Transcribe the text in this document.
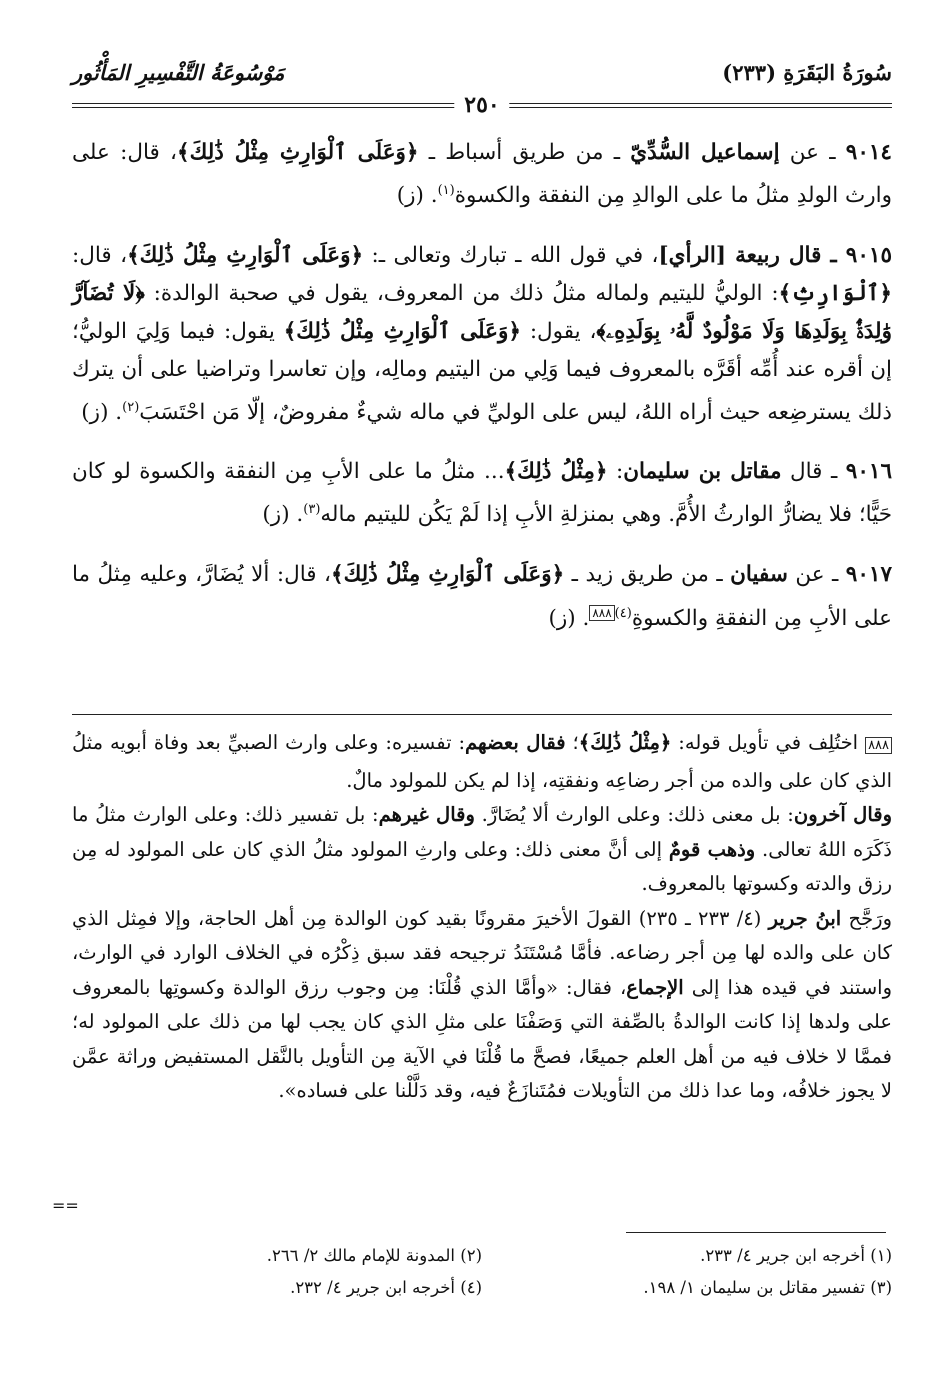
سُورَةُ البَقَرَةِ (٢٣٣)
مَوْسُوعَةُ التَّفْسِيرِ المَأْثُور
٢٥٠

٩٠١٤ ـ عن إسماعيل السُّدِّيّ ـ من طريق أسباط ـ ﴿وَعَلَى ٱلْوَارِثِ مِثْلُ ذَٰلِكَ﴾، قال: على وارث الولدِ مثلُ ما على الوالدِ مِن النفقة والكسوة$^{(١)}$. (ز)

٩٠١٥ ـ قال ربيعة [الرأي]، في قول الله ـ تبارك وتعالى ـ: ﴿وَعَلَى ٱلْوَارِثِ مِثْلُ ذَٰلِكَ﴾، قال: ﴿ٱلْوَارِثِ﴾: الوليُّ لليتيم ولماله مثلُ ذلك من المعروف، يقول في صحبة الوالدة: ﴿لَا تُضَآرَّ وَٰلِدَةٌۢ بِوَلَدِهَا وَلَا مَوْلُودٌ لَّهُۥ بِوَلَدِهِۦ﴾، يقول: ﴿وَعَلَى ٱلْوَارِثِ مِثْلُ ذَٰلِكَ﴾ يقول: فيما وَلِيَ الوليُّ؛ إن أقره عند أُمِّه أقَرَّه بالمعروف فيما وَلِي من اليتيم ومالِه، وإن تعاسرا وتراضيا على أن يترك ذلك يسترضِعه حيث أراه اللهُ، ليس على الوليِّ في ماله شيءٌ مفروضٌ، إلّا مَن احْتَسَبَ$^{(٢)}$. (ز)

٩٠١٦ ـ قال مقاتل بن سليمان: ﴿مِثْلُ ذَٰلِكَ﴾... مثلُ ما على الأبِ مِن النفقة والكسوة لو كان حَيًّا؛ فلا يضارُّ الوارثُ الأُمَّ. وهي بمنزلةِ الأبِ إذا لَمْ يَكُن لليتيم ماله$^{(٣)}$. (ز)

٩٠١٧ ـ عن سفيان ـ من طريق زيد ـ ﴿وَعَلَى ٱلْوَارِثِ مِثْلُ ذَٰلِكَ﴾، قال: ألا يُضَارَّ، وعليه مِثلُ ما على الأبِ مِن النفقةِ والكسوةِ$^{(٤)٨٨٨}$. (ز)

٨٨٨ اختُلِف في تأويل قوله: ﴿مِثْلُ ذَٰلِكَ﴾؛ فقال بعضهم: تفسيره: وعلى وارث الصبيِّ بعد وفاة أبويه مثلُ الذي كان على والده من أجر رضاعِه ونفقتِه، إذا لم يكن للمولود مالٌ.

وقال آخرون: بل معنى ذلك: وعلى الوارث ألا يُضَارَّ. وقال غيرهم: بل تفسير ذلك: وعلى الوارث مثلُ ما ذَكَرَه اللهُ تعالى. وذهب قومٌ إلى أنَّ معنى ذلك: وعلى وارثِ المولود مثلُ الذي كان على المولود له مِن رزق والدته وكسوتها بالمعروف.

ورَجَّح ابنُ جرير (٤/ ٢٣٣ ـ ٢٣٥) القولَ الأخيرَ مقرونًا بقيد كون الوالدة مِن أهل الحاجة، وإلا فمِثل الذي كان على والده لها مِن أجر رضاعه. فأمَّا مُسْتَنَدُ ترجيحه فقد سبق ذِكْرُه في الخلاف الوارد في الوارث، واستند في قيده هذا إلى الإجماع، فقال: «وأمَّا الذي قُلْنَا: مِن وجوب رزق الوالدة وكسوتِها بالمعروف على ولدها إذا كانت الوالدةُ بالصِّفة التي وَصَفْنَا على مثلِ الذي كان يجب لها من ذلك على المولود له؛ فممَّا لا خلاف فيه من أهل العلم جميعًا، فصحَّ ما قُلْنَا في الآية مِن التأويل بالنَّقل المستفيض وراثة عمَّن لا يجوز خلافُه، وما عدا ذلك من التأويلات فمُتَنازَعٌ فيه، وقد دَلَّلْنا على فساده».

==
(١) أخرجه ابن جرير ٤/ ٢٣٣.
(٣) تفسير مقاتل بن سليمان ١/ ١٩٨.
(٢) المدونة للإمام مالك ٢/ ٢٦٦.
(٤) أخرجه ابن جرير ٤/ ٢٣٢.
